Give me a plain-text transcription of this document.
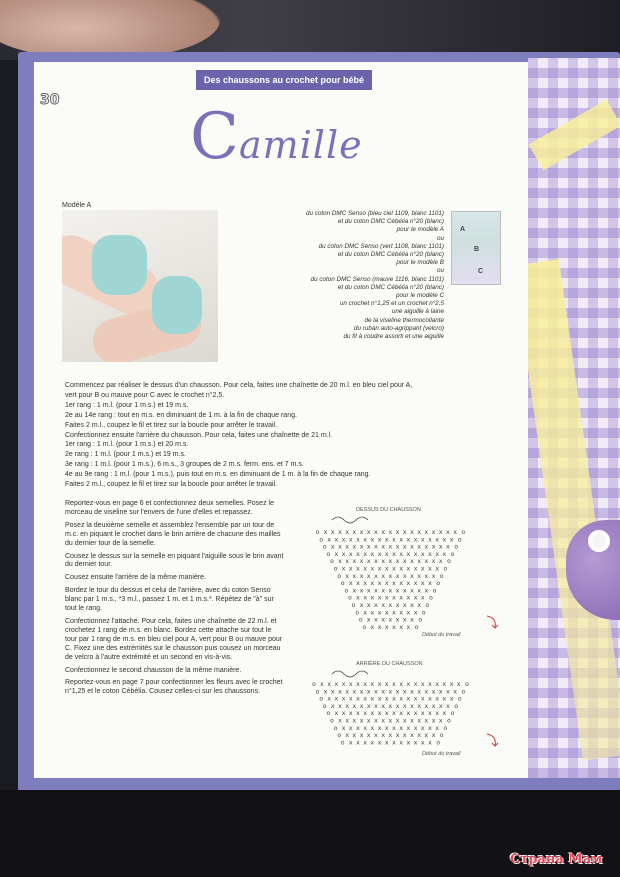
Des chaussons au crochet pour bébé
30 Camille
Modèle A

du coton DMC Senso (bleu ciel 1109, blanc 1101)

et du coton DMC Cébélia n°20 (blanc)

pour le modèle A

ou

du coton DMC Senso (vert 1108, blanc 1101)

et du coton DMC Cébélia n°20 (blanc)

pour le modèle B

ou

du coton DMC Senso (mauve 1116, blanc 1101)

et du coton DMC Cébélia n°20 (blanc)

pour le modèle C

un crochet n°1,25 et un crochet n°2,5

une aiguille à laine

de la viseline thermocollante

du ruban auto-agrippant (velcro)

du fil à coudre assorti et une aiguille

A
B
C

Commencez par réaliser le dessus d'un chausson. Pour cela, faites une chaînette de 20 m.l. en bleu ciel pour A,

vert pour B ou mauve pour C avec le crochet n°2,5.

1er rang : 1 m.l. (pour 1 m.s.) et 19 m.s.

2e au 14e rang : tout en m.s. en diminuant de 1 m. à la fin de chaque rang.

Faites 2 m.l., coupez le fil et tirez sur la boucle pour arrêter le travail.

Confectionnez ensuite l'arrière du chausson. Pour cela, faites une chaînette de 21 m.l.

1er rang : 1 m.l. (pour 1 m.s.) et 20 m.s.

2e rang : 1 m.l. (pour 1 m.s.) et 19 m.s.

3e rang : 1 m.l. (pour 1 m.s.), 6 m.s., 3 groupes de 2 m.s. ferm. ens. et 7 m.s.

4e au 9e rang : 1 m.l. (pour 1 m.s.), puis tout en m.s. en diminuant de 1 m. à la fin de chaque rang.

Faites 2 m.l., coupez le fil et tirez sur la boucle pour arrêter le travail.

Reportez-vous en page 6 et confectionnez deux semelles. Posez le morceau de viseline sur l'envers de l'une d'elles et repassez.

Posez la deuxième semelle et assemblez l'ensemble par un tour de m.c. en piquant le crochet dans le brin arrière de chacune des mailles du dernier tour de la semelle.

Cousez le dessus sur la semelle en piquant l'aiguille sous le brin avant du dernier tour.

Cousez ensuite l'arrière de la même manière.

Bordez le tour du dessus et celui de l'arrière, avec du coton Senso blanc par 1 m.s., *3 m.l., passez 1 m. et 1 m.s.*. Répétez de "à" sur tout le rang.

Confectionnez l'attache. Pour cela, faites une chaînette de 22 m.l. et crochetez 1 rang de m.s. en blanc. Bordez cette attache sur tout le tour par 1 rang de m.s. en bleu ciel pour A, vert pour B ou mauve pour C. Fixez une des extrémités sur le chausson puis cousez un morceau de velcro à l'autre extrémité et un second en vis-à-vis.

Confectionnez le second chausson de la même manière.

Reportez-vous en page 7 pour confectionner les fleurs avec le crochet n°1,25 et le coton Cébélia. Cousez celles-ci sur les chaussons.

DESSUS DU CHAUSSON
x x x x x x x x x x x x x x x x x x x
o	o
x x x x x x x x x x x x x x x x x x
o	o
x x x x x x x x x x x x x x x x x
o	o
x x x x x x x x x x x x x x x x
o	o
x x x x x x x x x x x x x x x
o	o
x x x x x x x x x x x x x x
o	o
x x x x x x x x x x x x x
o	o
x x x x x x x x x x x x
o	o
x x x x x x x x x x x
o	o
x x x x x x x x x x
o	o
x x x x x x x x x
o	o
x x x x x x x x
o	o
x x x x x x x
o	o
x x x x x x
o	o
Début du travail
ARRIÈRE DU CHAUSSON
x x x x x x x x x x x x x x x x x x x x
o	o
x x x x x x x x x x x x x x x x x x x
o	o
x x x x x x x x x x x x x x x x x x
o	o
x x x x x x x x x x x x x x x x x
o	o
x x x x x x x x x x x x x x x x
o	o
x x x x x x x x x x x x x x x
o	o
x x x x x x x x x x x x x x
o	o
x x x x x x x x x x x x x
o	o
x x x x x x x x x x x x
o	o
Début du travail
Страна Мам
